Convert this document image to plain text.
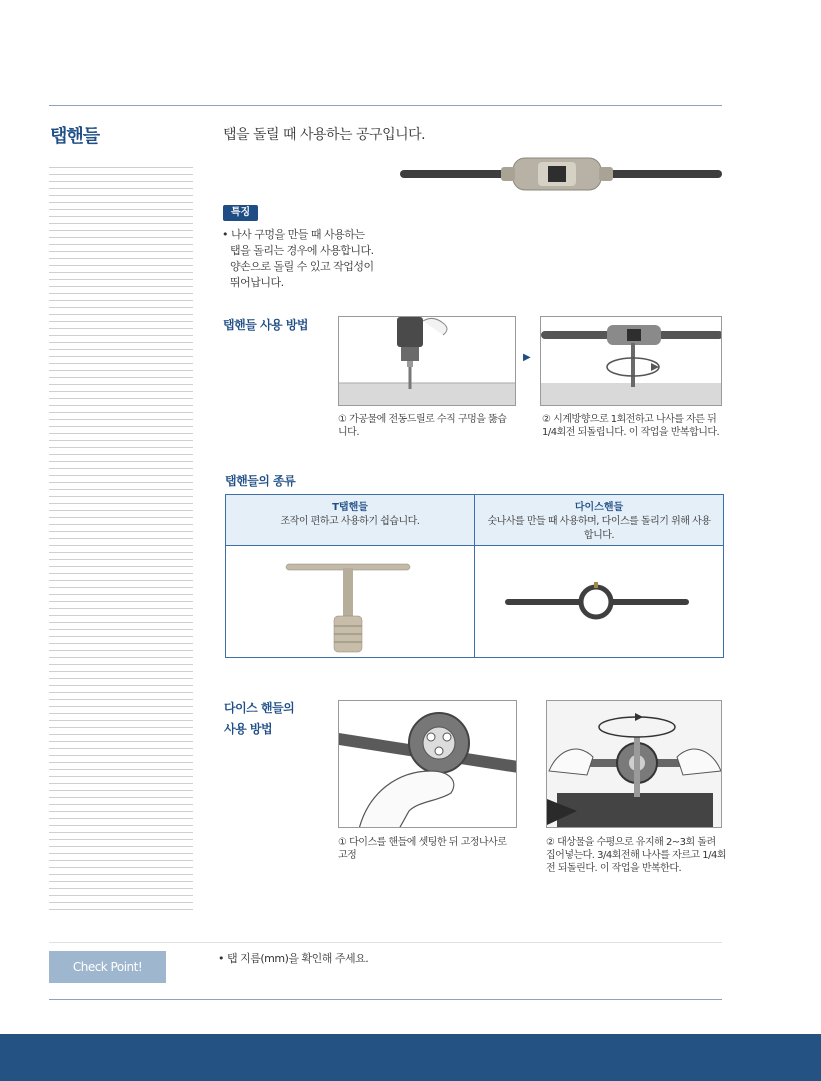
탭핸들	탭을 돌릴 때 사용하는 공구입니다.
특징
• 나사 구멍을 만들 때 사용하는
탭을 돌리는 경우에 사용합니다.
양손으로 돌릴 수 있고 작업성이
뛰어납니다.
탭핸들 사용 방법
▶
① 가공물에 전동드릴로 수직 구멍을 뚫습니다.
② 시계방향으로 1회전하고 나사를 자른 뒤 1/4회전 되돌립니다. 이 작업을 반복합니다.
탭핸들의 종류
T탭핸들
조작이 편하고 사용하기 쉽습니다.
다이스핸들
숫나사를 만들 때 사용하며, 다이스를 돌리기 위해 사용합니다.
다이스 핸들의
사용 방법
① 다이스를 핸들에 셋팅한 뒤 고정나사로 고정
② 대상물을 수평으로 유지해 2~3회 돌려 집어넣는다. 3/4회전해 나사를 자르고 1/4회전 되돌린다. 이 작업을 반복한다.
Check Point!
• 탭 지름(mm)을 확인해 주세요.
